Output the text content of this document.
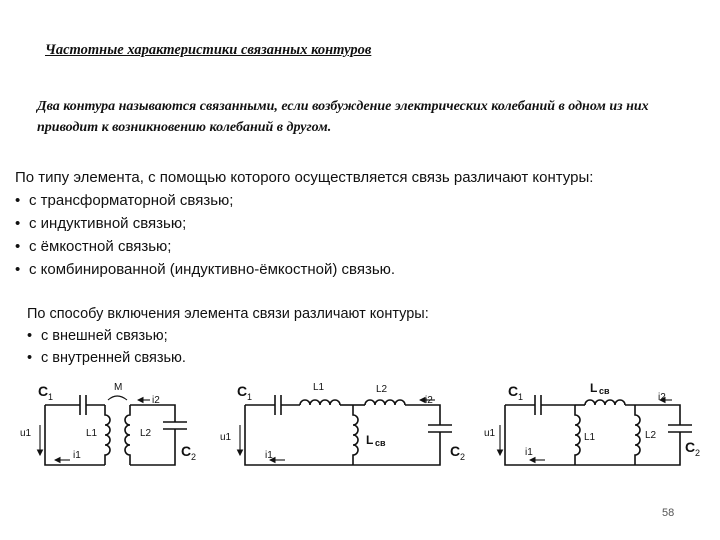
Частотные характеристики связанных контуров
Два контура называются связанными, если возбуждение электрических колебаний в одном из них приводит к возникновению колебаний в другом.
По типу элемента, с помощью которого осуществляется связь различают контуры:
• с трансформаторной связью;
• с индуктивной связью;
• с ёмкостной связью;
• с комбинированной (индуктивно-ёмкостной) связью.
По способу включения элемента связи различают контуры:
• с внешней связью;
• с внутренней связью.
C 1
M
i2
u1	L1	L2
i1	C 2
C 1
L1	L2
i2
u1	L св
i1	C 2
C 1
L св
i2
u1	L1	L2
i1	C 2
58
